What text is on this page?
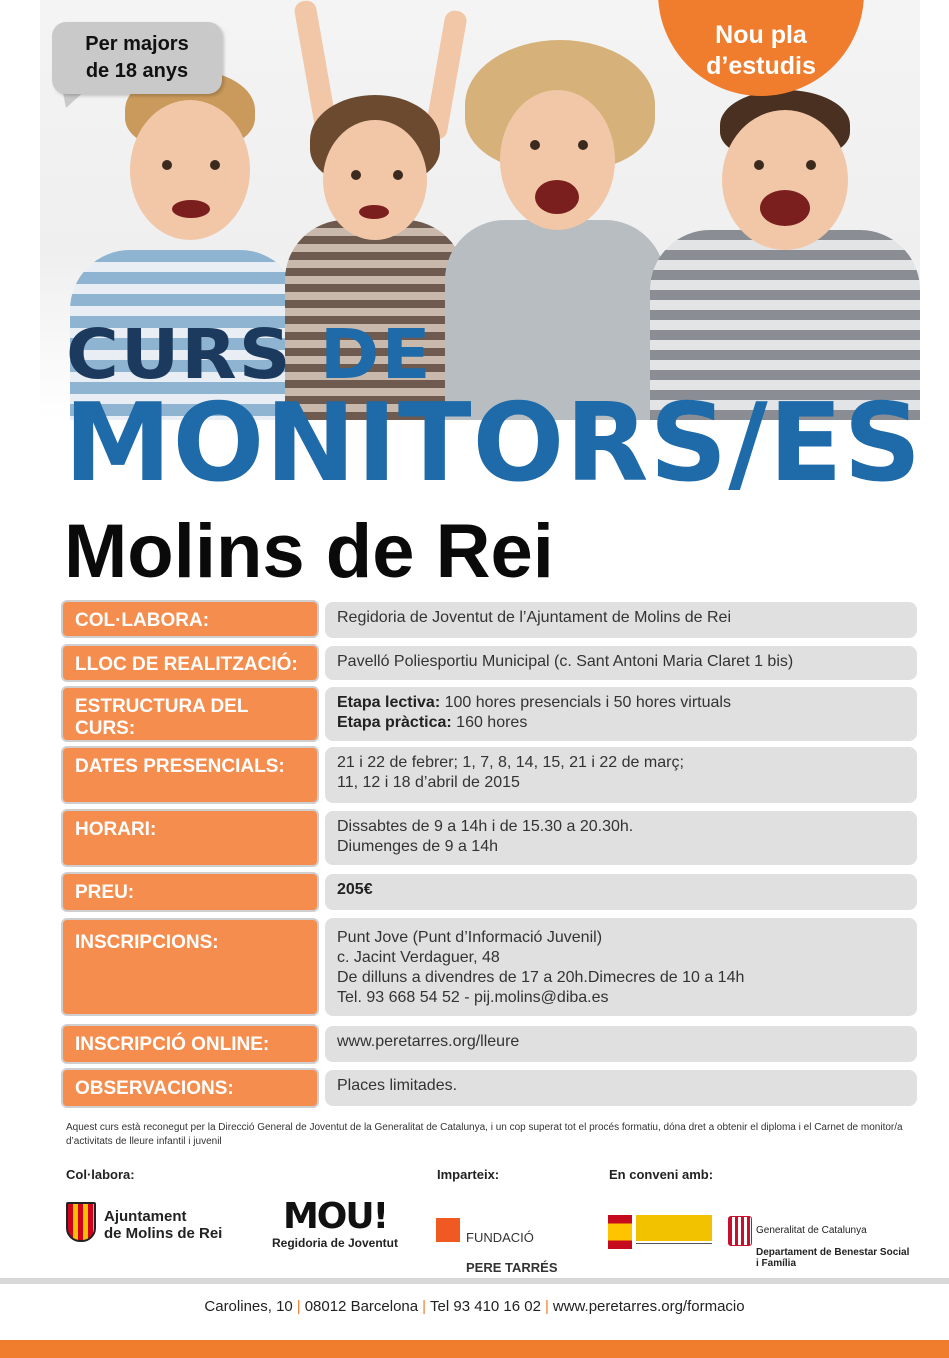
Per majors
de 18 anys
Nou pla
d’estudis
CURS DE
MONITORS/ES
Molins de Rei
COL·LABORA:	Regidoria de Joventut de l’Ajuntament de Molins de Rei
LLOC DE REALITZACIÓ:	Pavelló Poliesportiu Municipal (c. Sant Antoni Maria Claret 1 bis)
ESTRUCTURA DEL CURS:
Etapa lectiva: 100 hores presencials i 50 hores virtuals
Etapa pràctica: 160 hores
DATES PRESENCIALS:	21 i 22 de febrer; 1, 7, 8, 14, 15, 21 i 22 de març;
11, 12 i 18 d’abril de 2015
HORARI:	Dissabtes de 9 a 14h i de 15.30 a 20.30h.
Diumenges de 9 a 14h
PREU:	205€
INSCRIPCIONS:	Punt Jove (Punt d’Informació Juvenil)
c. Jacint Verdaguer, 48
De dilluns a divendres de 17 a 20h.Dimecres de 10 a 14h
Tel. 93 668 54 52 - pij.molins@diba.es
INSCRIPCIÓ ONLINE:	www.peretarres.org/lleure
OBSERVACIONS:	Places limitades.
Aquest curs està reconegut per la Direcció General de Joventut de la Generalitat de Catalunya, i un cop superat tot el procés formatiu, dóna dret a obtenir el diploma i el Carnet de monitor/a d’activitats de lleure infantil i juvenil
Col·labora:	Imparteix:	En conveni amb:
Ajuntament
de Molins de Rei	MOU!
Regidoria de Joventut	FUNDACIÓ

PERE TARRÉS

Generalitat de Catalunya

Departament de Benestar Social
i Família

Carolines, 10 | 08012 Barcelona | Tel 93 410 16 02 | www.peretarres.org/formacio
